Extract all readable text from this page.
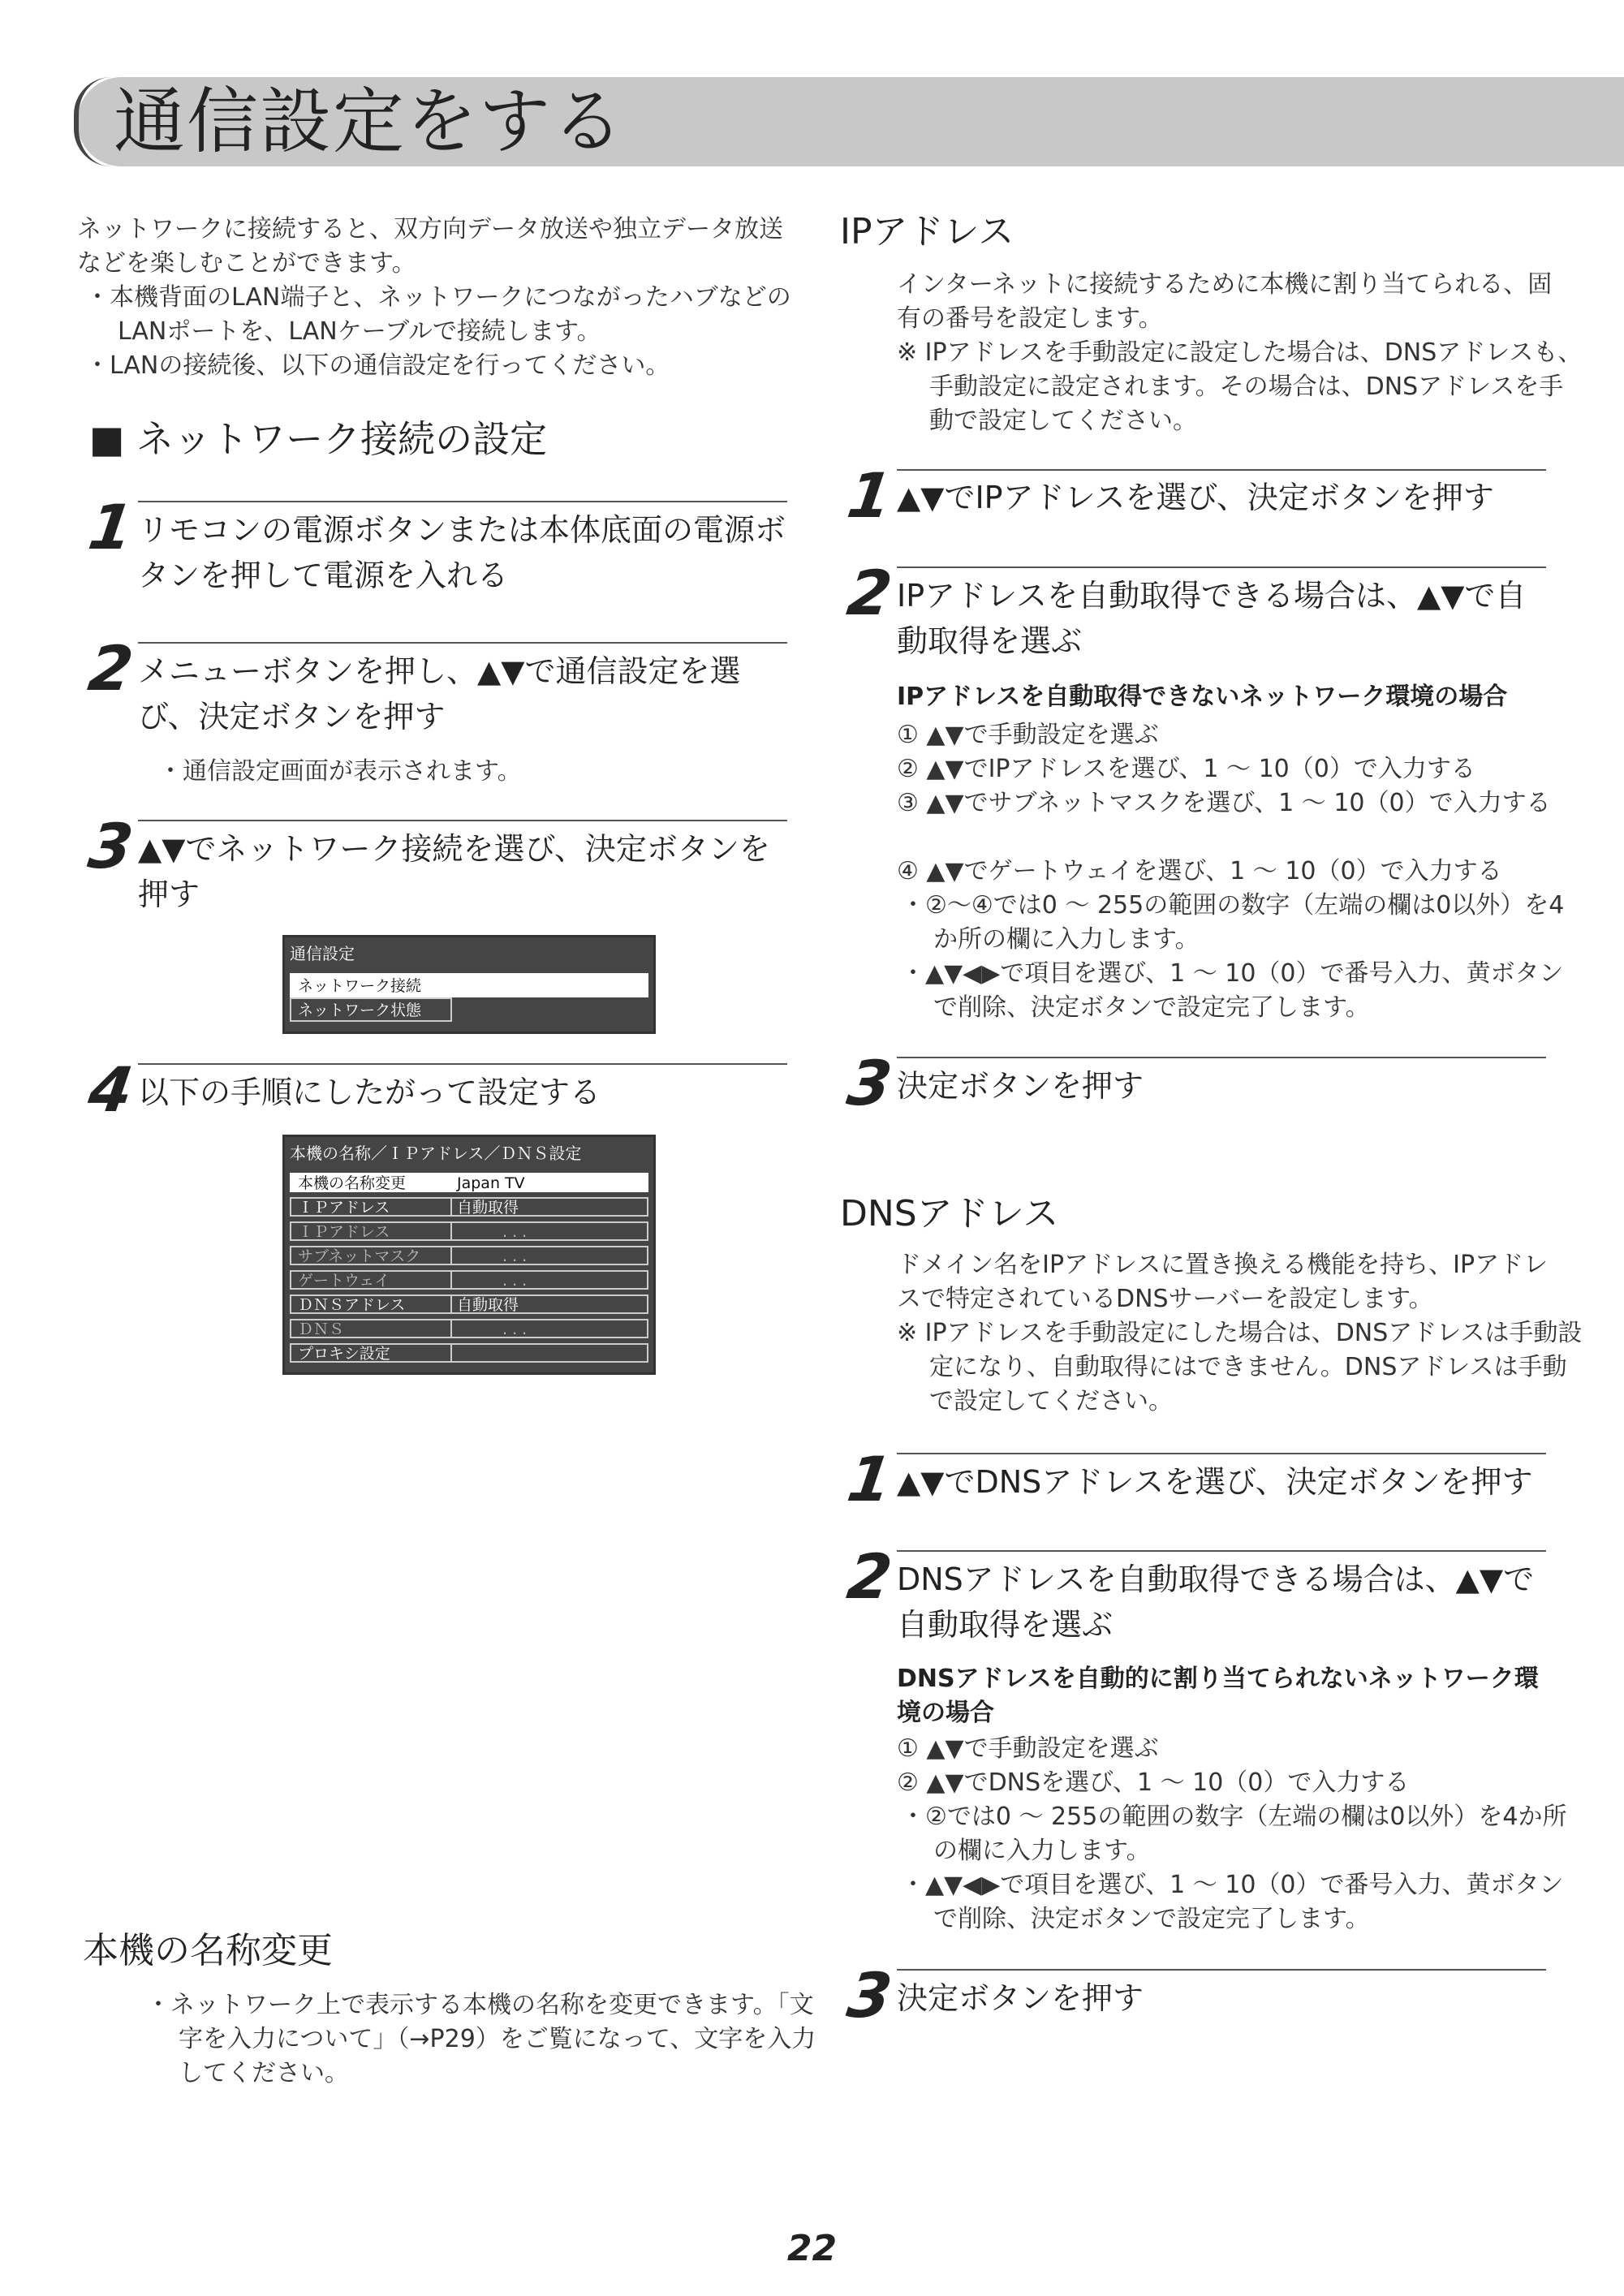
通信設定をする
ネットワークに接続すると、双方向データ放送や独立データ放送などを楽しむことができます。
・本機背面のLAN端子と、ネットワークにつながったハブなどのLANポートを、LANケーブルで接続します。
・LANの接続後、以下の通信設定を行ってください。
■ ネットワーク接続の設定
1 リモコンの電源ボタンまたは本体底面の電源ボタンを押して電源を入れる
2 メニューボタンを押し、▲▼で通信設定を選び、決定ボタンを押す
・通信設定画面が表示されます。
3 ▲▼でネットワーク接続を選び、決定ボタンを押す
通信設定
ネットワーク接続
ネットワーク状態
4 以下の手順にしたがって設定する
本機の名称／ＩＰアドレス／ＤＮＳ設定
本機の名称変更	Japan TV
ＩＰアドレス	自動取得
ＩＰアドレス	. . .
サブネットマスク	. . .
ゲートウェイ	. . .
ＤＮＳアドレス	自動取得
ＤＮＳ	. . .
プロキシ設定
本機の名称変更
・ネットワーク上で表示する本機の名称を変更できます。「文字を入力について」（→P29）をご覧になって、文字を入力してください。
IPアドレス
インターネットに接続するために本機に割り当てられる、固有の番号を設定します。
※ IPアドレスを手動設定に設定した場合は、DNSアドレスも、手動設定に設定されます。その場合は、DNSアドレスを手動で設定してください。
1 ▲▼でIPアドレスを選び、決定ボタンを押す
2 IPアドレスを自動取得できる場合は、▲▼で自動取得を選ぶ
IPアドレスを自動取得できないネットワーク環境の場合
① ▲▼で手動設定を選ぶ
② ▲▼でIPアドレスを選び、1 ～ 10（0）で入力する
③ ▲▼でサブネットマスクを選び、1 ～ 10（0）で入力する
④ ▲▼でゲートウェイを選び、1 ～ 10（0）で入力する
・②～④では0 ～ 255の範囲の数字（左端の欄は0以外）を4か所の欄に入力します。
・▲▼◀▶で項目を選び、1 ～ 10（0）で番号入力、黄ボタンで削除、決定ボタンで設定完了します。
3 決定ボタンを押す
DNSアドレス
ドメイン名をIPアドレスに置き換える機能を持ち、IPアドレスで特定されているDNSサーバーを設定します。
※ IPアドレスを手動設定にした場合は、DNSアドレスは手動設定になり、自動取得にはできません。DNSアドレスは手動で設定してください。
1 ▲▼でDNSアドレスを選び、決定ボタンを押す
2 DNSアドレスを自動取得できる場合は、▲▼で自動取得を選ぶ
DNSアドレスを自動的に割り当てられないネットワーク環境の場合
① ▲▼で手動設定を選ぶ
② ▲▼でDNSを選び、1 ～ 10（0）で入力する
・②では0 ～ 255の範囲の数字（左端の欄は0以外）を4か所の欄に入力します。
・▲▼◀▶で項目を選び、1 ～ 10（0）で番号入力、黄ボタンで削除、決定ボタンで設定完了します。
3 決定ボタンを押す
22
